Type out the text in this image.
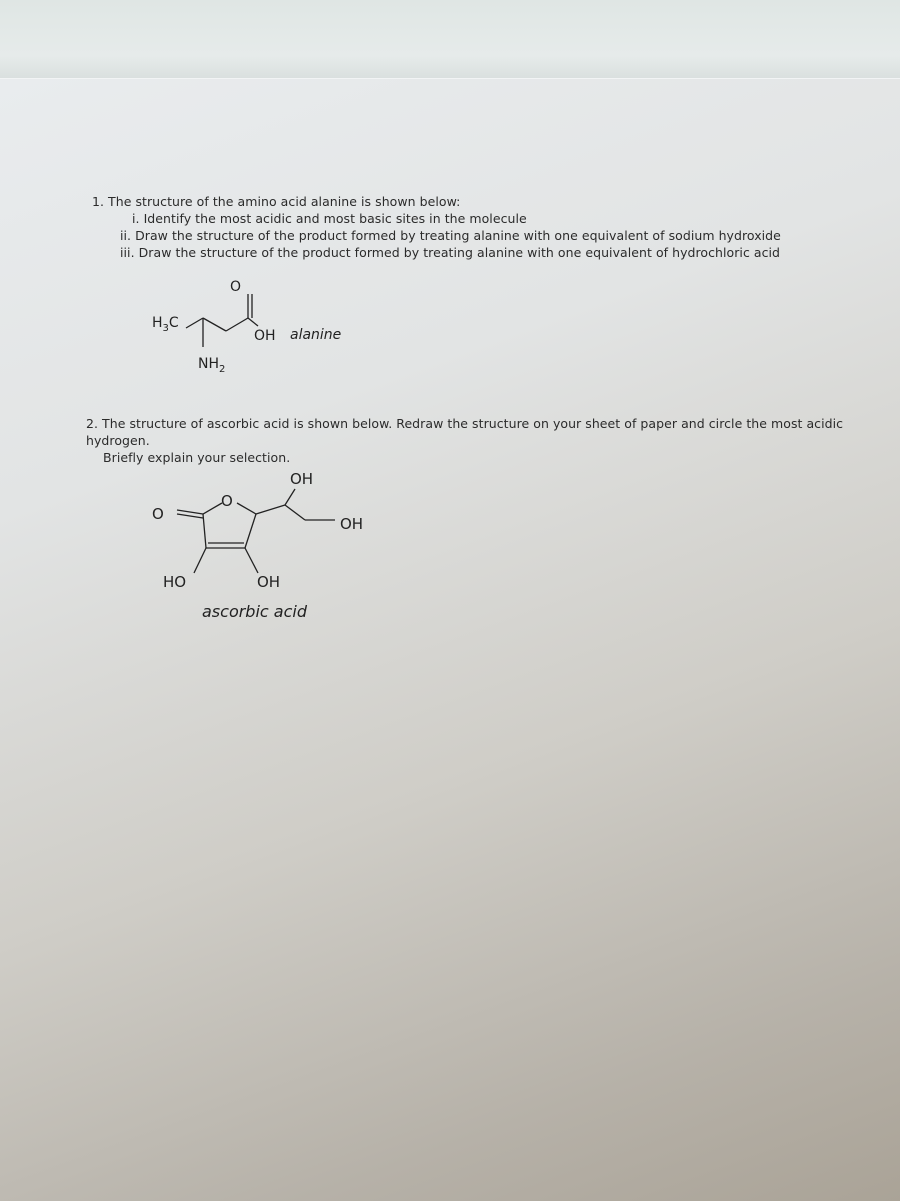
1. The structure of the amino acid alanine is shown below:
i. Identify the most acidic and most basic sites in the molecule
ii. Draw the structure of the product formed by treating alanine with one equivalent of sodium hydroxide
iii. Draw the structure of the product formed by treating alanine with one equivalent of hydrochloric acid
$H_3C$
O
OH alanine
$NH_2$
2. The structure of ascorbic acid is shown below. Redraw the structure on your sheet of paper and circle the most acidic hydrogen.
Briefly explain your selection.
OH
O
O
OH
HO	OH
ascorbic acid
